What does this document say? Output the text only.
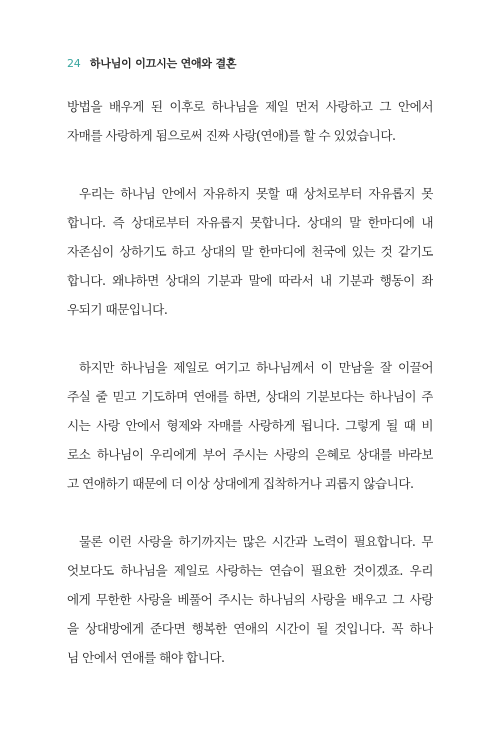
24 하나님이 이끄시는 연애와 결혼

방법을 배우게 된 이후로 하나님을 제일 먼저 사랑하고 그 안에서
자매를 사랑하게 됨으로써 진짜 사랑(연애)를 할 수 있었습니다.

우리는 하나님 안에서 자유하지 못할 때 상처로부터 자유롭지 못
합니다. 즉 상대로부터 자유롭지 못합니다. 상대의 말 한마디에 내
자존심이 상하기도 하고 상대의 말 한마디에 천국에 있는 것 같기도
합니다. 왜냐하면 상대의 기분과 말에 따라서 내 기분과 행동이 좌
우되기 때문입니다.

하지만 하나님을 제일로 여기고 하나님께서 이 만남을 잘 이끌어
주실 줄 믿고 기도하며 연애를 하면, 상대의 기분보다는 하나님이 주
시는 사랑 안에서 형제와 자매를 사랑하게 됩니다. 그렇게 될 때 비
로소 하나님이 우리에게 부어 주시는 사랑의 은혜로 상대를 바라보
고 연애하기 때문에 더 이상 상대에게 집착하거나 괴롭지 않습니다.

물론 이런 사랑을 하기까지는 많은 시간과 노력이 필요합니다. 무
엇보다도 하나님을 제일로 사랑하는 연습이 필요한 것이겠죠. 우리
에게 무한한 사랑을 베풀어 주시는 하나님의 사랑을 배우고 그 사랑
을 상대방에게 준다면 행복한 연애의 시간이 될 것입니다. 꼭 하나
님 안에서 연애를 해야 합니다.
